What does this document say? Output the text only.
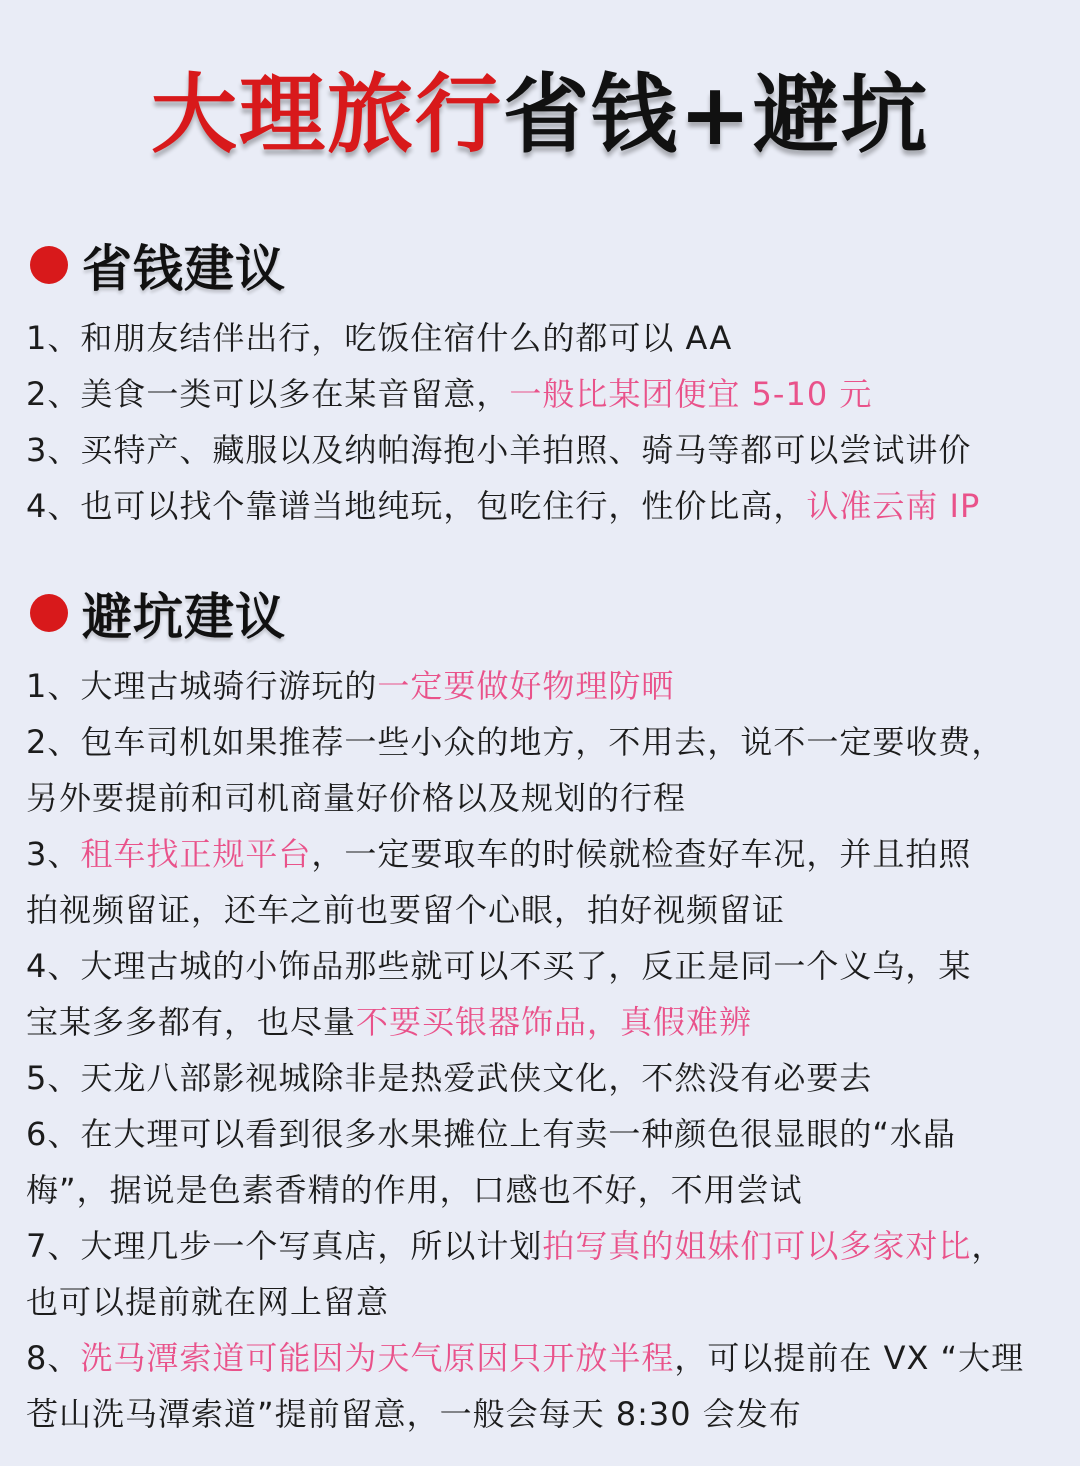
大理旅行省钱+避坑
省钱建议
1、和朋友结伴出行，吃饭住宿什么的都可以 AA
2、美食一类可以多在某音留意，一般比某团便宜 5-10 元
3、买特产、藏服以及纳帕海抱小羊拍照、骑马等都可以尝试讲价
4、也可以找个靠谱当地纯玩，包吃住行，性价比高，认准云南 IP
避坑建议
1、大理古城骑行游玩的一定要做好物理防晒
2、包车司机如果推荐一些小众的地方，不用去，说不一定要收费，
另外要提前和司机商量好价格以及规划的行程
3、租车找正规平台，一定要取车的时候就检查好车况，并且拍照
拍视频留证，还车之前也要留个心眼，拍好视频留证
4、大理古城的小饰品那些就可以不买了，反正是同一个义乌，某
宝某多多都有，也尽量不要买银器饰品，真假难辨
5、天龙八部影视城除非是热爱武侠文化，不然没有必要去
6、在大理可以看到很多水果摊位上有卖一种颜色很显眼的“水晶
梅”，据说是色素香精的作用，口感也不好，不用尝试
7、大理几步一个写真店，所以计划拍写真的姐妹们可以多家对比，
也可以提前就在网上留意
8、洗马潭索道可能因为天气原因只开放半程，可以提前在 VX “大理
苍山洗马潭索道”提前留意，一般会每天 8:30 会发布
